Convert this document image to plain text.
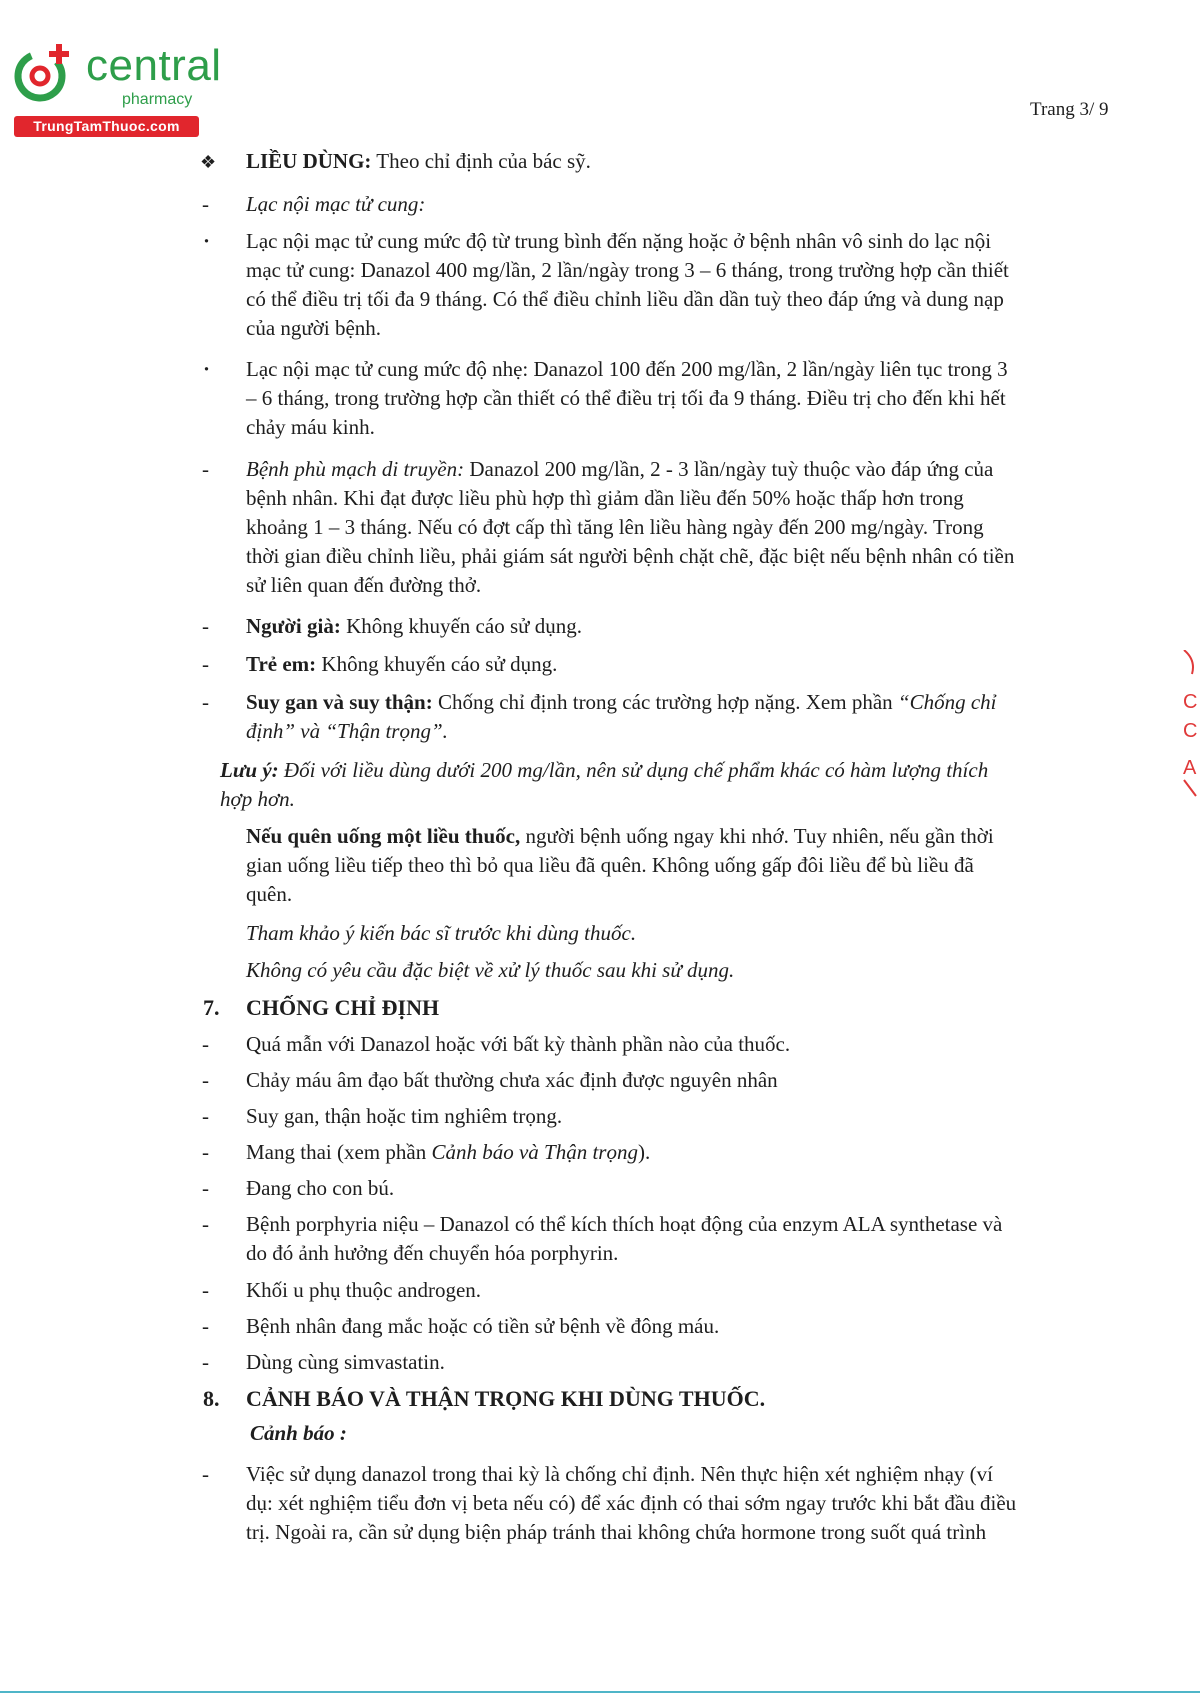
central
pharmacy
TrungTamThuoc.com
Trang 3/ 9
❖ LIỀU DÙNG: Theo chỉ định của bác sỹ.
- Lạc nội mạc tử cung:
· Lạc nội mạc tử cung mức độ từ trung bình đến nặng hoặc ở bệnh nhân vô sinh do lạc nội
mạc tử cung: Danazol 400 mg/lần, 2 lần/ngày trong 3 – 6 tháng, trong trường hợp cần thiết
có thể điều trị tối đa 9 tháng. Có thể điều chỉnh liều dần dần tuỳ theo đáp ứng và dung nạp
của người bệnh.
· Lạc nội mạc tử cung mức độ nhẹ: Danazol 100 đến 200 mg/lần, 2 lần/ngày liên tục trong 3
– 6 tháng, trong trường hợp cần thiết có thể điều trị tối đa 9 tháng. Điều trị cho đến khi hết
chảy máu kinh.
- Bệnh phù mạch di truyền: Danazol 200 mg/lần, 2 - 3 lần/ngày tuỳ thuộc vào đáp ứng của
bệnh nhân. Khi đạt được liều phù hợp thì giảm dần liều đến 50% hoặc thấp hơn trong
khoảng 1 – 3 tháng. Nếu có đợt cấp thì tăng lên liều hàng ngày đến 200 mg/ngày. Trong
thời gian điều chỉnh liều, phải giám sát người bệnh chặt chẽ, đặc biệt nếu bệnh nhân có tiền
sử liên quan đến đường thở.
- Người già: Không khuyến cáo sử dụng.
- Trẻ em: Không khuyến cáo sử dụng.
- Suy gan và suy thận: Chống chỉ định trong các trường hợp nặng. Xem phần “Chống chỉ
định” và “Thận trọng”.
Lưu ý: Đối với liều dùng dưới 200 mg/lần, nên sử dụng chế phẩm khác có hàm lượng thích
hợp hơn.
Nếu quên uống một liều thuốc, người bệnh uống ngay khi nhớ. Tuy nhiên, nếu gần thời
gian uống liều tiếp theo thì bỏ qua liều đã quên. Không uống gấp đôi liều để bù liều đã
quên.
Tham khảo ý kiến bác sĩ trước khi dùng thuốc.
Không có yêu cầu đặc biệt về xử lý thuốc sau khi sử dụng.
7. CHỐNG CHỈ ĐỊNH
- Quá mẫn với Danazol hoặc với bất kỳ thành phần nào của thuốc.
- Chảy máu âm đạo bất thường chưa xác định được nguyên nhân
- Suy gan, thận hoặc tim nghiêm trọng.
- Mang thai (xem phần Cảnh báo và Thận trọng).
- Đang cho con bú.
- Bệnh porphyria niệu – Danazol có thể kích thích hoạt động của enzym ALA synthetase và
do đó ảnh hưởng đến chuyển hóa porphyrin.
- Khối u phụ thuộc androgen.
- Bệnh nhân đang mắc hoặc có tiền sử bệnh về đông máu.
- Dùng cùng simvastatin.
8. CẢNH BÁO VÀ THẬN TRỌNG KHI DÙNG THUỐC.
Cảnh báo :
- Việc sử dụng danazol trong thai kỳ là chống chỉ định. Nên thực hiện xét nghiệm nhạy (ví
dụ: xét nghiệm tiểu đơn vị beta nếu có) để xác định có thai sớm ngay trước khi bắt đầu điều
trị. Ngoài ra, cần sử dụng biện pháp tránh thai không chứa hormone trong suốt quá trình
C
C
A
